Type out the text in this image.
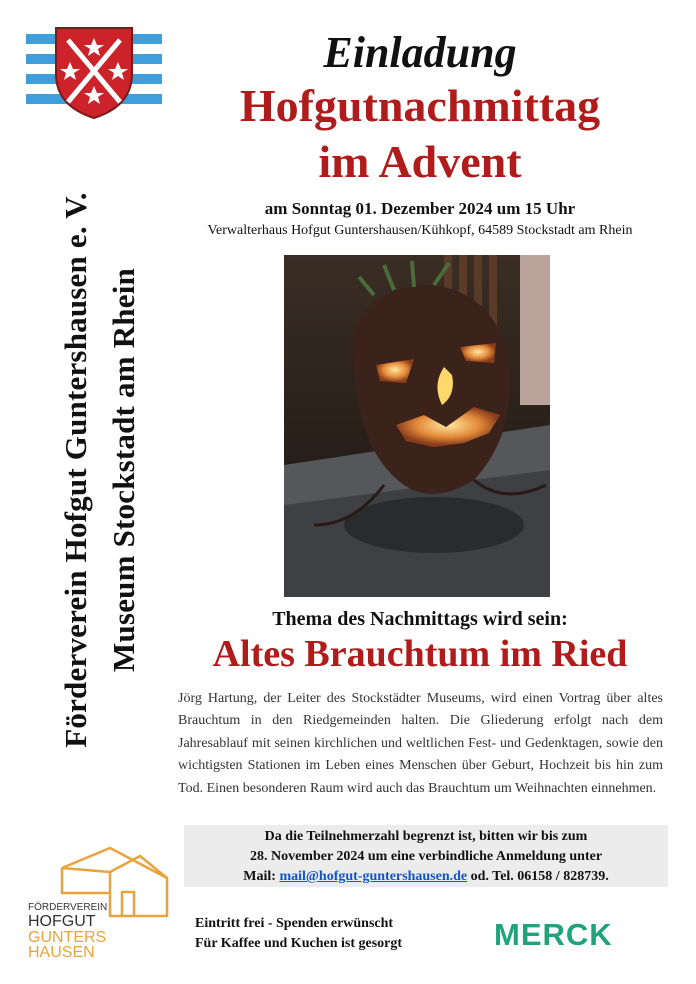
Förderverein Hofgut Guntershausen e. V. Museum Stockstadt am Rhein
Einladung
Hofgutnachmittag
im Advent
am Sonntag 01. Dezember 2024 um 15 Uhr
Verwalterhaus Hofgut Guntershausen/Kühkopf, 64589 Stockstadt am Rhein
Thema des Nachmittags wird sein:
Altes Brauchtum im Ried
Jörg Hartung, der Leiter des Stockstädter Museums, wird einen Vortrag über altes Brauchtum in den Riedgemeinden halten. Die Gliederung erfolgt nach dem Jahresablauf mit seinen kirchlichen und weltlichen Fest- und Gedenktagen, sowie den wichtigsten Stationen im Leben eines Menschen über Geburt, Hochzeit bis hin zum Tod. Einen besonderen Raum wird auch das Brauchtum um Weihnachten einnehmen.
Da die Teilnehmerzahl begrenzt ist, bitten wir bis zum
28. November 2024 um eine verbindliche Anmeldung unter
Mail: mail@hofgut-guntershausen.de od. Tel. 06158 / 828739.
FÖRDERVEREIN
HOFGUT
GUNTERS
HAUSEN
Eintritt frei - Spenden erwünscht
Für Kaffee und Kuchen ist gesorgt	MERCK
